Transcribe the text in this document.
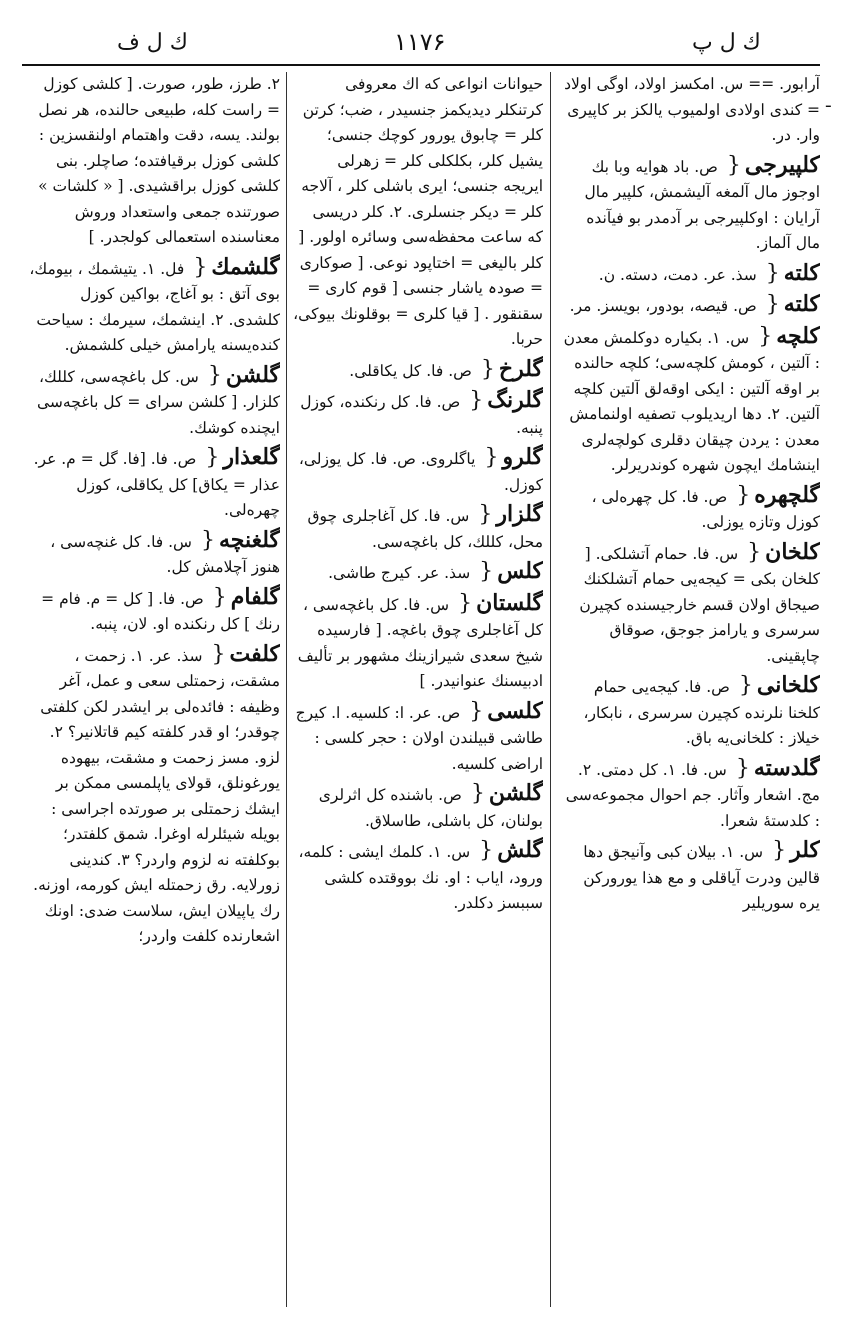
ك ل ف	۱۱۷۶	ك ل پ
ـ
آرابور. == س. امکسز اولاد، اوگی اولاد = کندی اولادی اولمیوب یالکز بر کاپیری وار. در.
کلپیرجی{ ص. باد هوایه وبا بك اوجوز مال آلمغه آلیشمش، کلپیر مال آرایان : اوکلپیرجی بر آدمدر بو فیآنده مال آلماز.
کلته{ سذ. عر. دمت، دسته. ن.
کلته{ ص. قیصه، بودور، بویسز. مر.
کلچه{ س. ۱. بکیاره دوکلمش معدن : آلتین ، کومش کلچه‌سی؛ کلچه حالنده بر اوقه آلتین : ایکی اوقه‌لق آلتین کلچه آلتین. ۲. دها اریدیلوب تصفیه اولنمامش معدن : یردن چیقان دقلری کولچه‌لری اینشامك ایچون شهره کوندریرلر.
گلچهره{ ص. فا. کل چهره‌لی ، کوزل وتازه یوزلی.
کلخان{ س. فا. حمام آتشلکی. [ کلخان بکی = کیجه‌یی حمام آتشلکنك صیجاق اولان قسم خارجیسنده کچیرن سرسری و یارامز جوجق، صوقاق چاپقینی.
کلخانی{ ص. فا. کیجه‌یی حمام کلخنا نلرنده کچیرن سرسری ، نابکار، خیلاز : کلخانی‌یه باق.
گلدسته{ س. فا. ۱. کل دمتی. ۲. مج. اشعار وآثار. جم احوال مجموعه‌سی : کلدستهٔ شعرا.
کلر{ س. ۱. بیلان کبی وآنیجق دها قالین ودرت آیاقلی و مع هذا یورورکن یره سوریلیر
حیوانات انواعی که اك معروفی کرتنکلر دیدیکمز جنسیدر ، ضب؛ کرتن کلر = چابوق یورور کوچك جنسی؛ یشیل کلر، بکلکلی کلر = زهرلی ایریجه جنسی؛ ایری باشلی کلر ، آلاجه کلر = دیکر جنسلری. ۲. کلر دریسی که ساعت محفظه‌سی وسائره اولور. [ کلر بالیغی = اختاپود نوعی. [ صوکاری = صودہ یاشار جنسی [ قوم کاری = سقنقور . [ قیا کلری = بوقلونك بیوکی، حربا.
گلرخ{ ص. فا. کل یکاقلی.
گلرنگ{ ص. فا. کل رنکنده، کوزل پنبه.
گلرو{ یاگلروی. ص. فا. کل یوزلی، کوزل.
گلزار{ س. فا. کل آغاجلری چوق محل، کللك، کل باغچه‌سی.
کلس{ سذ. عر. کیرج طاشی.
گلستان{ س. فا. کل باغچه‌سی ، کل آغاجلری چوق باغچه. [ فارسیده شیخ سعدی شیرازینك مشهور بر تألیف ادبیسنك عنوانیدر. ]
کلسی{ ص. عر. ا: کلسیه. ا. کیرج طاشی قبیلندن اولان : حجر کلسی : اراضی کلسیه.
گلشن{ ص. باشنده کل اثرلری بولنان، کل باشلی، طاسلاق.
گلش{ س. ۱. کلمك ایشی : کلمه، ورود، ایاب : او. نك بووقتده کلشی سببسز دکلدر.
۲. طرز، طور، صورت. [ کلشی کوزل = راست کله، طبیعی حالنده، هر نصل بولند. یسه، دقت واهتمام اولنقسزین : کلشی کوزل برقیافتده؛ صاچلر. بنی کلشی کوزل براقشیدی. [ « کلشات » صورتنده جمعی واستعداد وروش معناسنده استعمالی کولجدر. ]
گلشمك{ فل. ۱. یتیشمك ، بیومك، بوی آتق : بو آغاج، بواکین کوزل کلشدی. ۲. اینشمك، سیرمك : سیاحت کنده‌یسنه یارامش خیلی کلشمش.
گلشن{ س. کل باغچه‌سی، کللك، کلزار. [ کلشن سرای = کل باغچه‌سی ایچنده کوشك.
گلعذار{ ص. فا. [فا. گل = م. عر. عذار = یکاق] کل یکاقلی، کوزل چهره‌لی.
گلغنچه{ س. فا. کل غنچه‌سی ، هنوز آچلامش کل.
گلفام{ ص. فا. [ کل = م. فام = رنك ] کل رنکنده او. لان، پنبه.
کلفت{ سذ. عر. ۱. زحمت ، مشقت، زحمتلی سعی و عمل، آغر وظیفه : فائده‌لی بر ایشدر لکن کلفتی چوقدر؛ او قدر کلفته کیم قاتلانیر؟ ۲. لزو. مسز زحمت و مشقت، بیهوده یورغونلق، قولای یاپلمسی ممکن بر ایشك زحمتلی بر صورتده اجراسی : بویله شیئلرله اوغرا. شمق کلفتدر؛ بوکلفته نه لزوم واردر؟ ۳. کندینی زورلایه. رق زحمتله ایش کورمه، اوزنه. رك یاپیلان ایش، سلاست ضدی: اونك اشعارنده کلفت واردر؛
